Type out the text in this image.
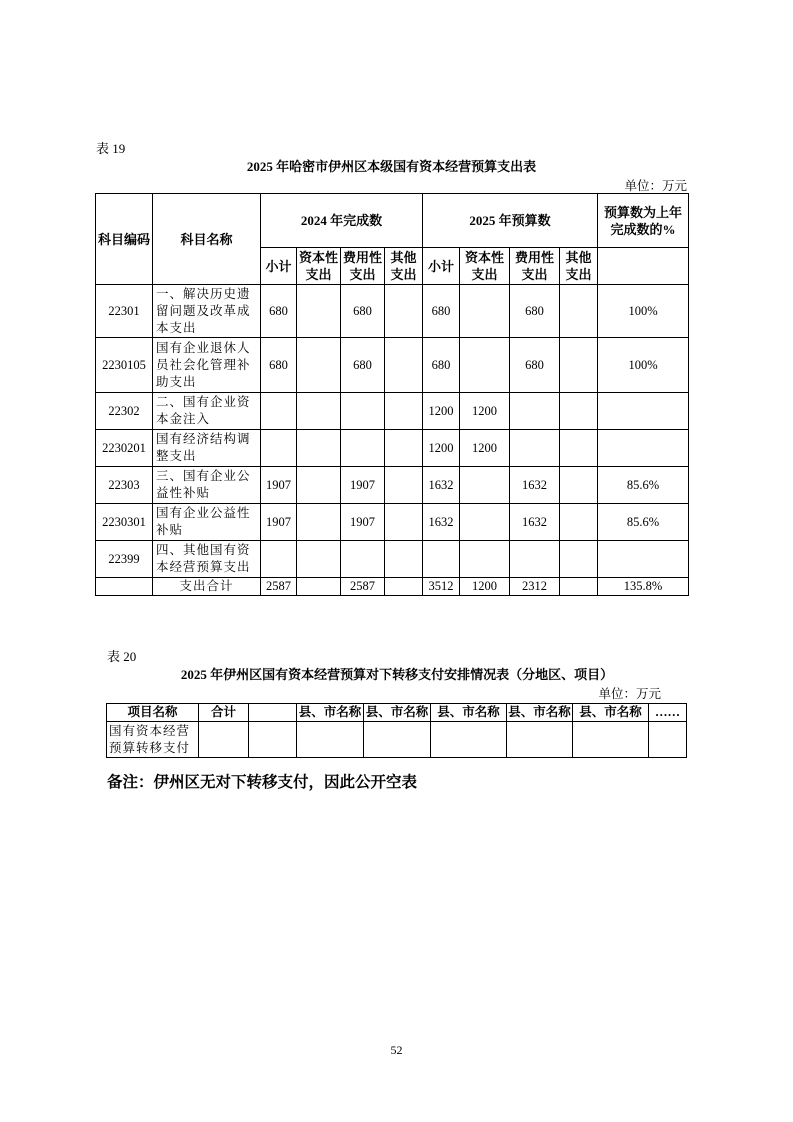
表 19
2025 年哈密市伊州区本级国有资本经营预算支出表
单位：万元
科目编码	科目名称	2024 年完成数				2025 年预算数				预算数为上年完成数的%
		小计	资本性支出	费用性支出	其他支出	小计	资本性支出	费用性支出	其他支出	
22301	一、解决历史遗留问题及改革成本支出	680		680		680		680		100%
2230105	国有企业退休人员社会化管理补助支出	680		680		680		680		100%
22302	二、国有企业资本金注入					1200	1200			
2230201	国有经济结构调整支出					1200	1200			
22303	三、国有企业公益性补贴	1907		1907		1632		1632		85.6%
2230301	国有企业公益性补贴	1907		1907		1632		1632		85.6%
22399	四、其他国有资本经营预算支出									
	支出合计	2587		2587		3512	1200	2312		135.8%
表 20
2025 年伊州区国有资本经营预算对下转移支付安排情况表（分地区、项目）
单位：万元
项目名称	合计		县、市名称	县、市名称	县、市名称	县、市名称	县、市名称	……
国有资本经营预算转移支付								
备注：伊州区无对下转移支付，因此公开空表
52
